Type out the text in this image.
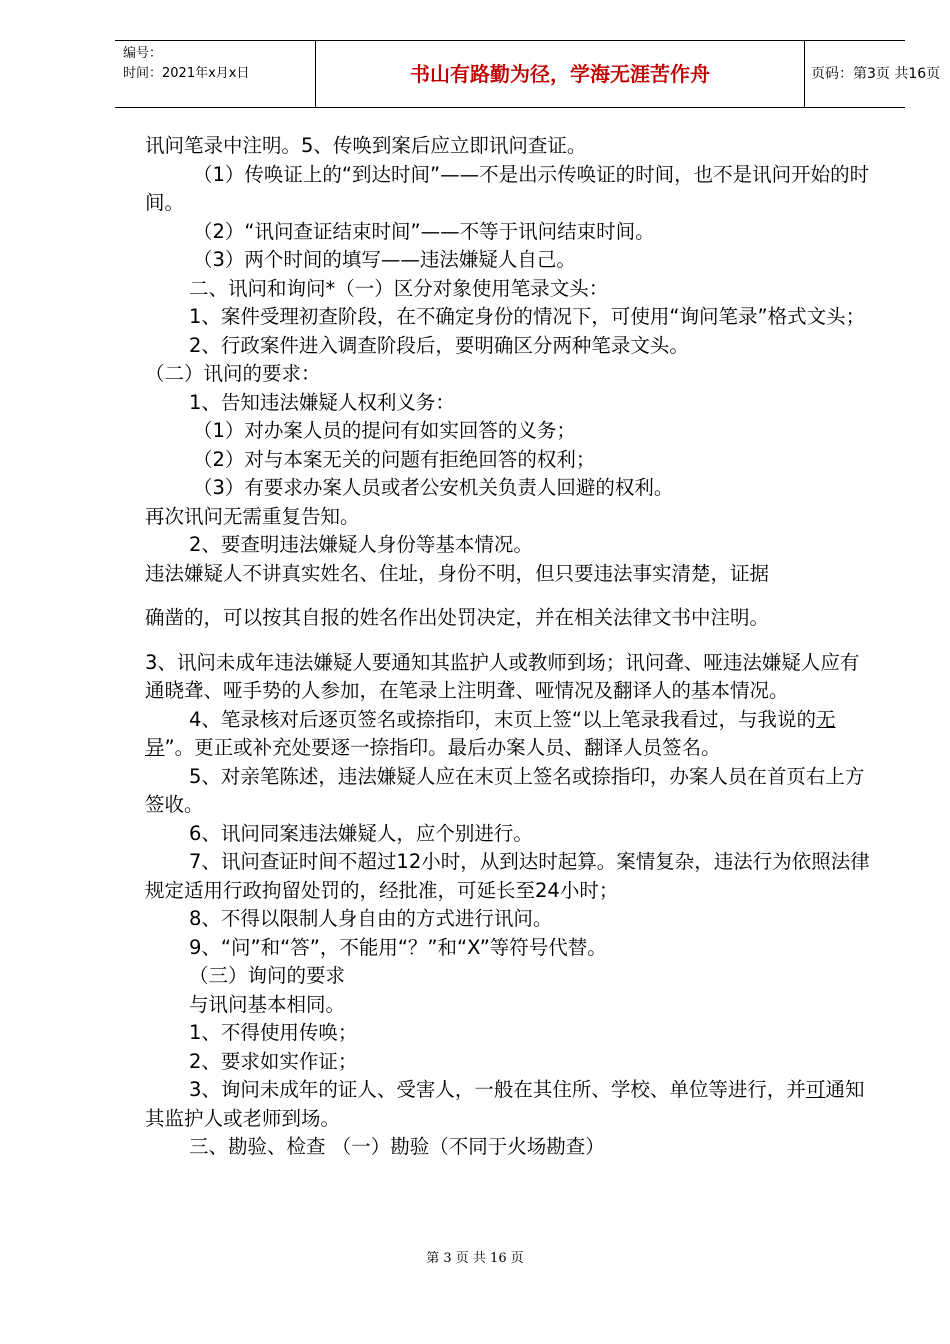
编号：
时间：2021年x月x日	书山有路勤为径，学海无涯苦作舟	页码：第3页 共16页

讯问笔录中注明。5、传唤到案后应立即讯问查证。

（1）传唤证上的“到达时间”——不是出示传唤证的时间，也不是讯问开始的时间。

（2）“讯问查证结束时间”——不等于讯问结束时间。

（3）两个时间的填写——违法嫌疑人自己。

二、讯问和询问*（一）区分对象使用笔录文头：

1、案件受理初查阶段，在不确定身份的情况下，可使用“询问笔录”格式文头；

2、行政案件进入调查阶段后，要明确区分两种笔录文头。

（二）讯问的要求：

1、告知违法嫌疑人权利义务：

（1）对办案人员的提问有如实回答的义务；

（2）对与本案无关的问题有拒绝回答的权利；

（3）有要求办案人员或者公安机关负责人回避的权利。

再次讯问无需重复告知。

2、要查明违法嫌疑人身份等基本情况。

违法嫌疑人不讲真实姓名、住址，身份不明，但只要违法事实清楚，证据

确凿的，可以按其自报的姓名作出处罚决定，并在相关法律文书中注明。

3、讯问未成年违法嫌疑人要通知其监护人或教师到场；讯问聋、哑违法嫌疑人应有通晓聋、哑手势的人参加，在笔录上注明聋、哑情况及翻译人的基本情况。

4、笔录核对后逐页签名或捺指印，末页上签“以上笔录我看过，与我说的无异”。更正或补充处要逐一捺指印。最后办案人员、翻译人员签名。

5、对亲笔陈述，违法嫌疑人应在末页上签名或捺指印，办案人员在首页右上方签收。

6、讯问同案违法嫌疑人，应个别进行。

7、讯问查证时间不超过12小时，从到达时起算。案情复杂，违法行为依照法律规定适用行政拘留处罚的，经批准，可延长至24小时；

8、不得以限制人身自由的方式进行讯问。

9、“问”和“答”，不能用“？”和“X”等符号代替。

（三）询问的要求

与讯问基本相同。

1、不得使用传唤；

2、要求如实作证；

3、询问未成年的证人、受害人，一般在其住所、学校、单位等进行，并可通知其监护人或老师到场。

三、勘验、检查 （一）勘验（不同于火场勘查）

第 3 页 共 16 页
